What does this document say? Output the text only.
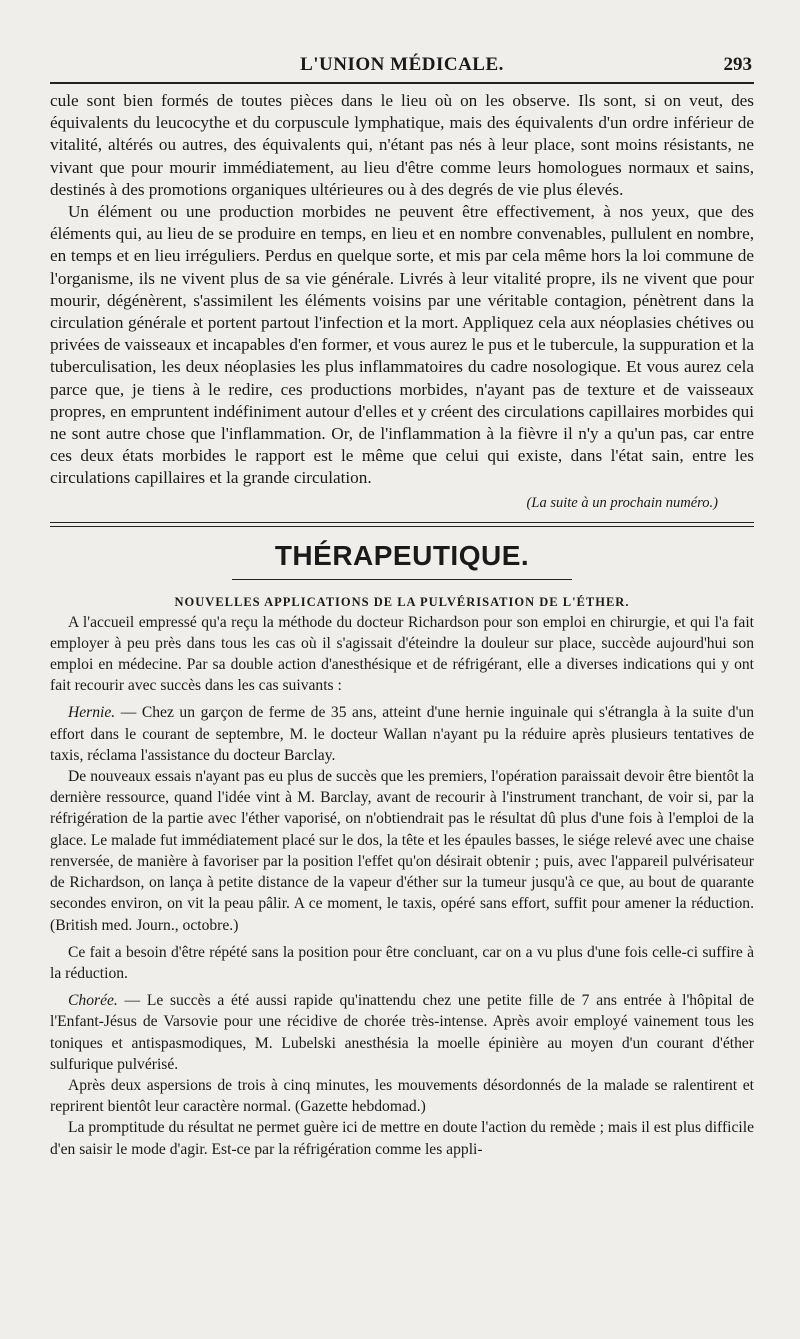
L'UNION MÉDICALE.	293

cule sont bien formés de toutes pièces dans le lieu où on les observe. Ils sont, si on veut, des équivalents du leucocythe et du corpuscule lymphatique, mais des équivalents d'un ordre inférieur de vitalité, altérés ou autres, des équivalents qui, n'étant pas nés à leur place, sont moins résistants, ne vivant que pour mourir immédiatement, au lieu d'être comme leurs homologues normaux et sains, destinés à des promotions organiques ultérieures ou à des degrés de vie plus élevés.

Un élément ou une production morbides ne peuvent être effectivement, à nos yeux, que des éléments qui, au lieu de se produire en temps, en lieu et en nombre convenables, pullulent en nombre, en temps et en lieu irréguliers. Perdus en quelque sorte, et mis par cela même hors la loi commune de l'organisme, ils ne vivent plus de sa vie générale. Livrés à leur vitalité propre, ils ne vivent que pour mourir, dégénèrent, s'assimilent les éléments voisins par une véritable contagion, pénètrent dans la circulation générale et portent partout l'infection et la mort. Appliquez cela aux néoplasies chétives ou privées de vaisseaux et incapables d'en former, et vous aurez le pus et le tubercule, la suppuration et la tuberculisation, les deux néoplasies les plus inflammatoires du cadre nosologique. Et vous aurez cela parce que, je tiens à le redire, ces productions morbides, n'ayant pas de texture et de vaisseaux propres, en empruntent indéfiniment autour d'elles et y créent des circulations capillaires morbides qui ne sont autre chose que l'inflammation. Or, de l'inflammation à la fièvre il n'y a qu'un pas, car entre ces deux états morbides le rapport est le même que celui qui existe, dans l'état sain, entre les circulations capillaires et la grande circulation.

(La suite à un prochain numéro.)
THÉRAPEUTIQUE.
NOUVELLES APPLICATIONS DE LA PULVÉRISATION DE L'ÉTHER.

A l'accueil empressé qu'a reçu la méthode du docteur Richardson pour son emploi en chirurgie, et qui l'a fait employer à peu près dans tous les cas où il s'agissait d'éteindre la douleur sur place, succède aujourd'hui son emploi en médecine. Par sa double action d'anesthésique et de réfrigérant, elle a diverses indications qui y ont fait recourir avec succès dans les cas suivants :

Hernie. — Chez un garçon de ferme de 35 ans, atteint d'une hernie inguinale qui s'étrangla à la suite d'un effort dans le courant de septembre, M. le docteur Wallan n'ayant pu la réduire après plusieurs tentatives de taxis, réclama l'assistance du docteur Barclay.

De nouveaux essais n'ayant pas eu plus de succès que les premiers, l'opération paraissait devoir être bientôt la dernière ressource, quand l'idée vint à M. Barclay, avant de recourir à l'instrument tranchant, de voir si, par la réfrigération de la partie avec l'éther vaporisé, on n'obtiendrait pas le résultat dû plus d'une fois à l'emploi de la glace. Le malade fut immédiatement placé sur le dos, la tête et les épaules basses, le siége relevé avec une chaise renversée, de manière à favoriser par la position l'effet qu'on désirait obtenir ; puis, avec l'appareil pulvérisateur de Richardson, on lança à petite distance de la vapeur d'éther sur la tumeur jusqu'à ce que, au bout de quarante secondes environ, on vit la peau pâlir. A ce moment, le taxis, opéré sans effort, suffit pour amener la réduction. (British med. Journ., octobre.)

Ce fait a besoin d'être répété sans la position pour être concluant, car on a vu plus d'une fois celle-ci suffire à la réduction.

Chorée. — Le succès a été aussi rapide qu'inattendu chez une petite fille de 7 ans entrée à l'hôpital de l'Enfant-Jésus de Varsovie pour une récidive de chorée très-intense. Après avoir employé vainement tous les toniques et antispasmodiques, M. Lubelski anesthésia la moelle épinière au moyen d'un courant d'éther sulfurique pulvérisé.

Après deux aspersions de trois à cinq minutes, les mouvements désordonnés de la malade se ralentirent et reprirent bientôt leur caractère normal. (Gazette hebdomad.)

La promptitude du résultat ne permet guère ici de mettre en doute l'action du remède ; mais il est plus difficile d'en saisir le mode d'agir. Est-ce par la réfrigération comme les appli-
